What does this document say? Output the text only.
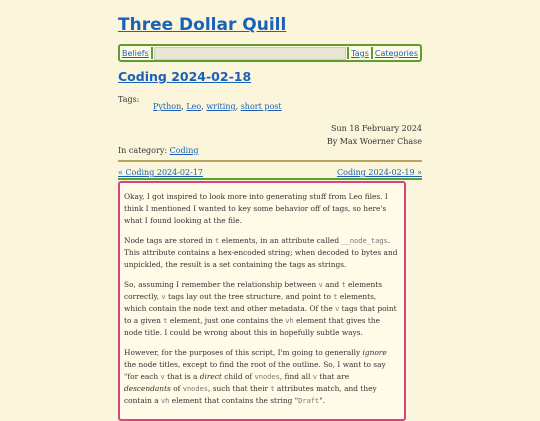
Three Dollar Quill
Beliefs	Tags Categories
Coding 2024-02-18
Tags:
Python, Leo, writing, short post
Sun 18 February 2024
By Max Woerner Chase
In category: Coding
« Coding 2024-02-17	Coding 2024-02-19 »

Okay, I got inspired to look more into generating stuff from Leo files. I think I mentioned I wanted to key some behavior off of tags, so here's what I found looking at the file.

Node tags are stored in t elements, in an attribute called __node_tags. This attribute contains a hex-encoded string; when decoded to bytes and unpickled, the result is a set containing the tags as strings.

So, assuming I remember the relationship between v and t elements correctly, v tags lay out the tree structure, and point to t elements, which contain the node text and other metadata. Of the v tags that point to a given t element, just one contains the vh element that gives the node title. I could be wrong about this in hopefully subtle ways.

However, for the purposes of this script, I'm going to generally ignore the node titles, except to find the root of the outline. So, I want to say "for each v that is a direct child of vnodes, find all v that are descendants of vnodes, such that their t attributes match, and they contain a vh element that contains the string "Draft".
